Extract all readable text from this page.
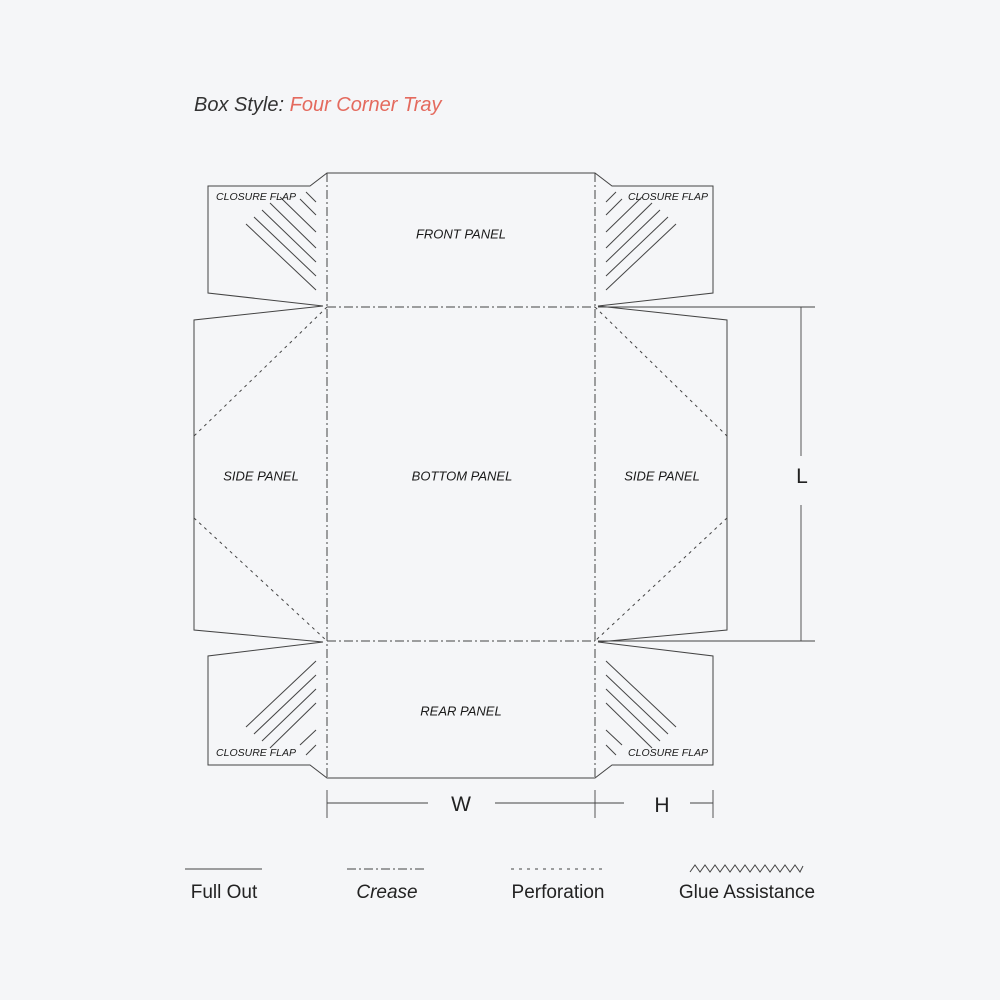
Box Style: Four Corner Tray
FRONT PANEL
BOTTOM PANEL
REAR PANEL
SIDE PANEL	SIDE PANEL
CLOSURE FLAP	CLOSURE FLAP
CLOSURE FLAP	CLOSURE FLAP
L
W	H
Full Out	Crease	Perforation	Glue Assistance
